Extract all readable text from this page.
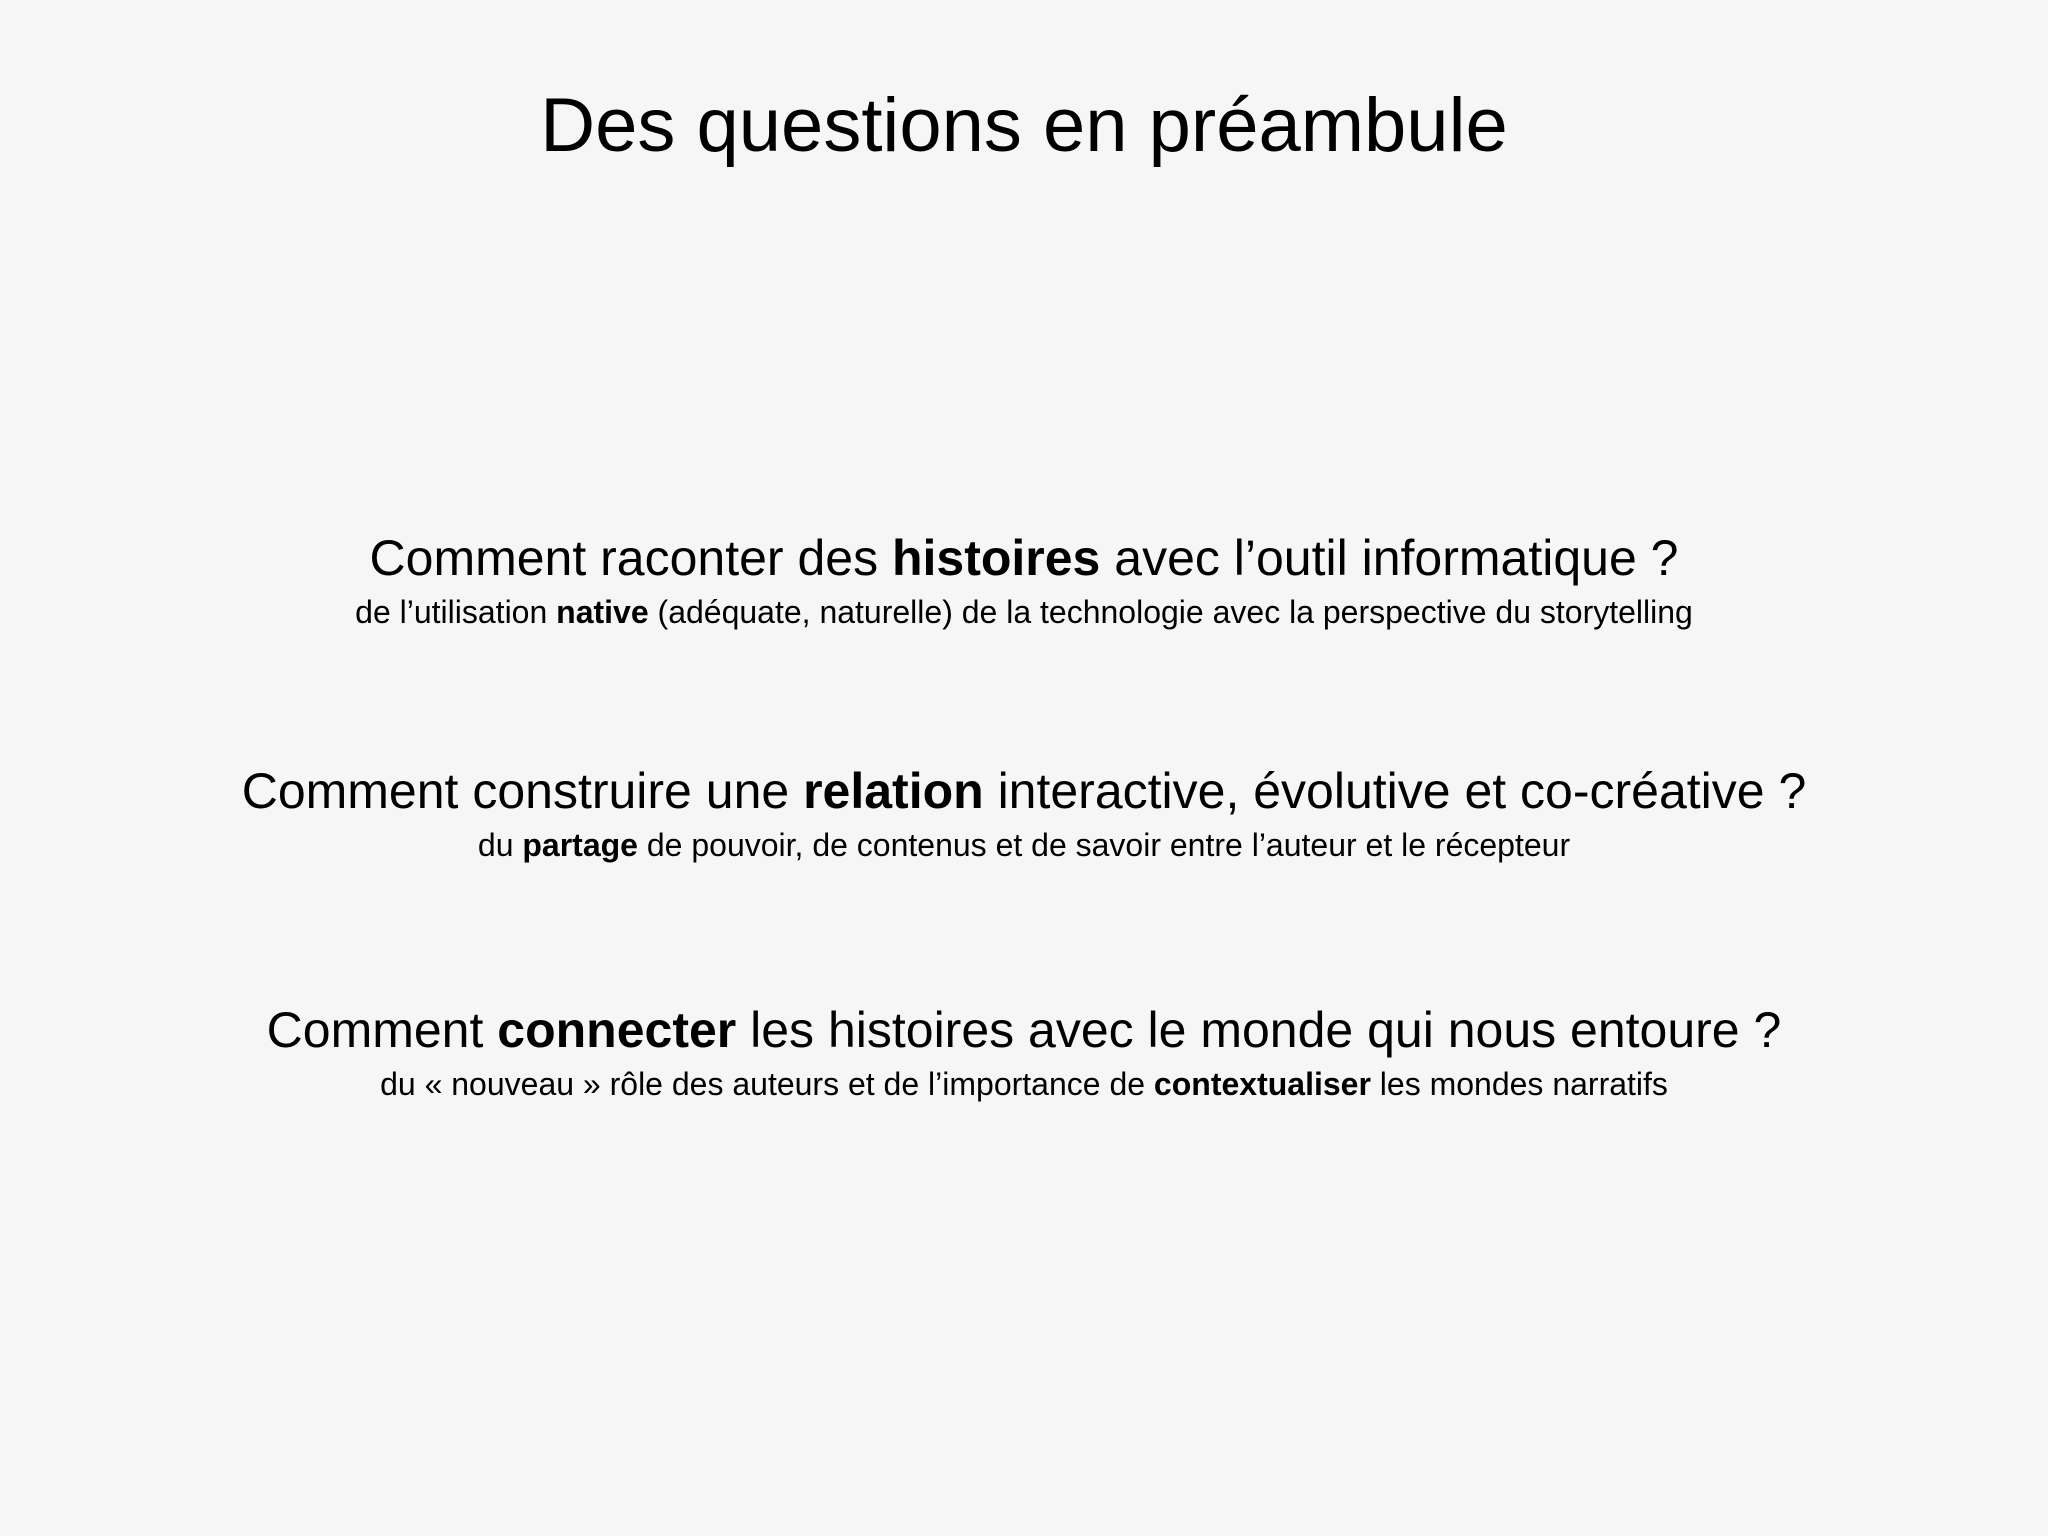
Des questions en préambule
Comment raconter des histoires avec l’outil informatique ?
de l’utilisation native (adéquate, naturelle) de la technologie avec la perspective du storytelling
Comment construire une relation interactive, évolutive et co-créative ?
du partage de pouvoir, de contenus et de savoir entre l’auteur et le récepteur
Comment connecter les histoires avec le monde qui nous entoure ?
du « nouveau » rôle des auteurs et de l’importance de contextualiser les mondes narratifs
